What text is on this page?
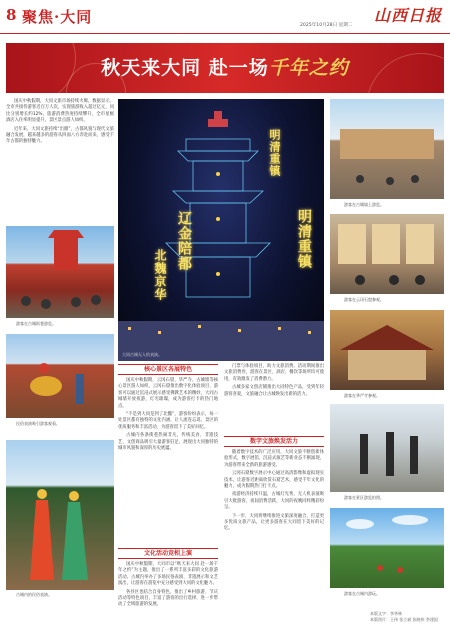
8 聚焦·大同	2025年10月28日 星期二
山西日报
秋天来大同 赴一场千年之约

国庆中秋假期，大同文旅市场持续火爆，数据显示，全市共接待游客近百万人次，实现旅游收入超过亿元，同比分别增长约12%，旅游消费热度持续攀升，全市星级酒店入住率明显提升，景区景点游人如织。

近年来，大同文旅持续“出圈”，古都风貌与现代文旅融合发展，越来越多的游客从四面八方奔赴而来，感受千年古都的独特魅力。

北魏京华
辽金陪都
明清重镇
明清重镇
大同古城无人机表演。
游客在古城街巷游览。
民俗表演吸引游客观看。
古城内的民俗表演。
核心景区各展特色

国庆中秋假期，云冈石窟、华严寺、古城墙等核心景区游人如织，云冈石窟推出数字化体验项目，游客可以通过沉浸式展示感受佛教艺术的精妙，大同古城墙开放夜游，灯光璀璨，成为游客打卡的热门地点。

“不是到大同是到了北魏”，游客纷纷表示，每一处景区都有独特的文化内涵，让人流连忘返。景区的优质服务和丰富活动，为游客留下了美好回忆。

古城内各条街巷热闹非凡，传统美食、非遗技艺、文创商品吸引大量游客驻足，展现出大同独特的城市风貌和深厚的历史底蕴。

文化活动竞相上演

国庆中秋假期，大同市以“秋天来大同 赴一场千年之约”为主题，推出了一系列丰富多彩的文化旅游活动。古城内举办了多场民俗表演、非遗展示和文艺演出，让游客在游览中充分感受到大同的文化魅力。

各县区也结合自身特色，推出了乡村旅游、节庆活动等特色项目，丰富了游客的出行选择，进一步带动了全域旅游的发展。

门票与体验项目，助力文旅消费。活动期间推出文旅消费券，游客在景区、酒店、餐饮等场所均可使用，有效激发了消费潜力。

古城多家文创店铺推出大同特色产品，受到年轻游客喜爱，文旅融合让古城焕发出新的活力。

数字文旅焕发活力

随着数字技术的广泛应用，大同文旅不断创新体验形式，数字展馆、沉浸式演艺等新业态不断涌现，为游客带来全新的旅游感受。

云冈石窟数字展示中心通过高清影像和虚拟现实技术，让游客近距离欣赏石窟艺术，感受千年文化的魅力，成为假期热门打卡点。

夜游经济持续升温，古城灯光秀、无人机表演吸引大批游客，夜间消费活跃，大同的夜晚同样精彩纷呈。

下一步，大同将继续推进文旅深度融合，打造更多优质文旅产品，让更多游客在大同留下美好的记忆。

游客在古城墙上游览。
游客在云冈石窟参观。
游客在华严寺参观。
游客在景区游览拍照。
游客在古城内游玩。
本版文字：李华林
本版图片：王伟 张立斌 张晓伟 李建国
